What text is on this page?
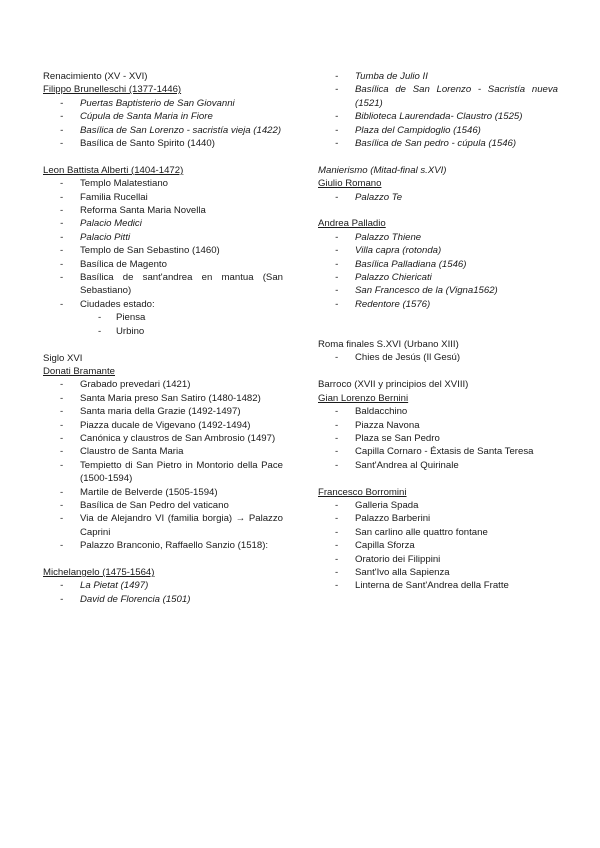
Renacimiento (XV - XVI)

Filippo Brunelleschi (1377-1446)

- Puertas Baptisterio de San Giovanni
- Cúpula de Santa Maria in Fiore
- Basílica de San Lorenzo - sacristía vieja (1422)
- Basílica de Santo Spirito (1440)

Leon Battista Alberti (1404-1472)

- Templo Malatestiano
- Familia Rucellai
- Reforma Santa Maria Novella
- Palacio Medici
- Palacio Pitti
- Templo de San Sebastino (1460)
- Basílica de Magento
- Basílica de sant'andrea en mantua (San Sebastiano)
- Ciudades estado:
- Piensa
- Urbino

Siglo XVI

Donati Bramante

- Grabado prevedari (1421)
- Santa Maria preso San Satiro (1480-1482)
- Santa maria della Grazie (1492-1497)
- Piazza ducale de Vigevano (1492-1494)
- Canónica y claustros de San Ambrosio (1497)
- Claustro de Santa Maria
- Tempietto di San Pietro in Montorio della Pace (1500-1594)
- Martile de Belverde (1505-1594)
- Basílica de San Pedro del vaticano
- Via de Alejandro VI (familia borgia) → Palazzo Caprini
- Palazzo Branconio, Raffaello Sanzio (1518):

Michelangelo (1475-1564)

- La Pietat (1497)
- David de Florencia (1501)
- Tumba de Julio II
- Basílica de San Lorenzo - Sacristía nueva (1521)
- Biblioteca Laurendada- Claustro (1525)
- Plaza del Campidoglio (1546)
- Basílica de San pedro - cúpula (1546)

Manierismo (Mitad-final s.XVI)

Giulio Romano

- Palazzo Te

Andrea Palladio

- Palazzo Thiene
- Villa capra (rotonda)
- Basílica Palladiana (1546)
- Palazzo Chiericati
- San Francesco de la (Vigna1562)
- Redentore (1576)

Roma finales S.XVI (Urbano XIII)

- Chies de Jesús (Il Gesú)

Barroco (XVII y principios del XVIII)

Gian Lorenzo Bernini

- Baldacchino
- Piazza Navona
- Plaza se San Pedro
- Capilla Cornaro - Éxtasis de Santa Teresa
- Sant'Andrea al Quirinale

Francesco Borromini

- Galleria Spada
- Palazzo Barberini
- San carlino alle quattro fontane
- Capilla Sforza
- Oratorio dei Filippini
- Sant'Ivo alla Sapienza
- Linterna de Sant'Andrea della Fratte
